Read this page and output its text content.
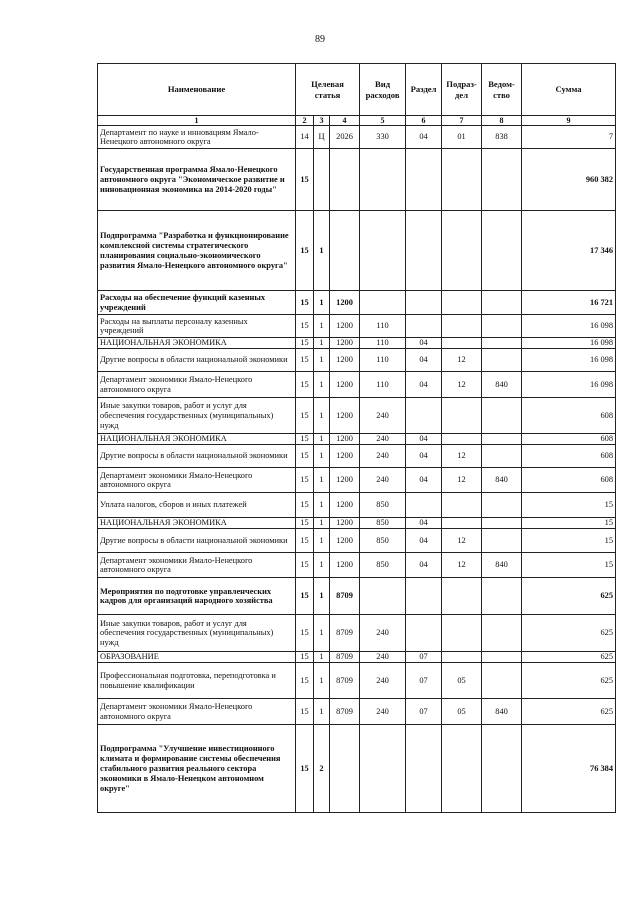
89
Наименование	Целевая статья			Вид расходов	Раздел	Подраз-дел	Ведом-ство	Сумма
1	2	3	4	5	6	7	8	9
Департамент по науке и инновациям Ямало-Ненецкого автономного округа	14	Ц	2026	330	04	01	838	7
Государственная программа Ямало-Ненецкого автономного округа "Экономическое развитие и инновационная экономика на 2014-2020 годы"	15							960 382
Подпрограмма "Разработка и функционирование комплексной системы стратегического планирования социально-экономического развития Ямало-Ненецкого автономного округа"	15	1						17 346
Расходы на обеспечение функций казенных учреждений	15	1	1200					16 721
Расходы на выплаты персоналу казенных учреждений	15	1	1200	110				16 098
НАЦИОНАЛЬНАЯ ЭКОНОМИКА	15	1	1200	110	04			16 098
Другие вопросы в области национальной экономики	15	1	1200	110	04	12		16 098
Департамент экономики Ямало-Ненецкого автономного округа	15	1	1200	110	04	12	840	16 098
Иные закупки товаров, работ и услуг для обеспечения государственных (муниципальных) нужд	15	1	1200	240				608
НАЦИОНАЛЬНАЯ ЭКОНОМИКА	15	1	1200	240	04			608
Другие вопросы в области национальной экономики	15	1	1200	240	04	12		608
Департамент экономики Ямало-Ненецкого автономного округа	15	1	1200	240	04	12	840	608
Уплата налогов, сборов и иных платежей	15	1	1200	850				15
НАЦИОНАЛЬНАЯ ЭКОНОМИКА	15	1	1200	850	04			15
Другие вопросы в области национальной экономики	15	1	1200	850	04	12		15
Департамент экономики Ямало-Ненецкого автономного округа	15	1	1200	850	04	12	840	15
Мероприятия по подготовке управленческих кадров для организаций народного хозяйства	15	1	8709					625
Иные закупки товаров, работ и услуг для обеспечения государственных (муниципальных) нужд	15	1	8709	240				625
ОБРАЗОВАНИЕ	15	1	8709	240	07			625
Профессиональная подготовка, переподготовка и повышение квалификации	15	1	8709	240	07	05		625
Департамент экономики Ямало-Ненецкого автономного округа	15	1	8709	240	07	05	840	625
Подпрограмма "Улучшение инвестиционного климата и формирование системы обеспечения стабильного развития реального сектора экономики в Ямало-Ненецком автономном округе"	15	2						76 384
